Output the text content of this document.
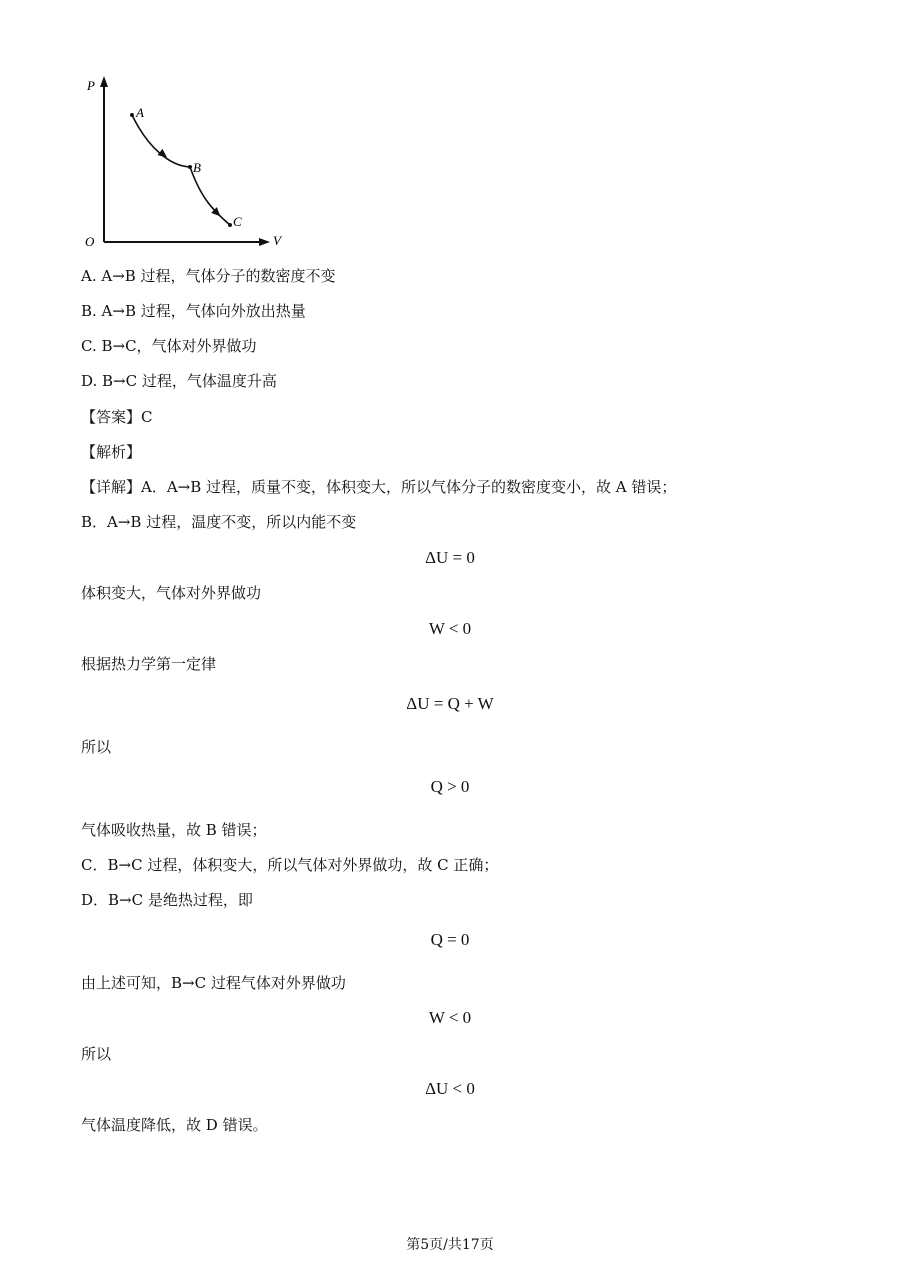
P
V
O
A
B
C
A. A→B 过程，气体分子的数密度不变
B. A→B 过程，气体向外放出热量
C. B→C，气体对外界做功
D. B→C 过程，气体温度升高
【答案】C
【解析】
【详解】A．A→B 过程，质量不变，体积变大，所以气体分子的数密度变小，故 A 错误；
B．A→B 过程，温度不变，所以内能不变
ΔU = 0
体积变大，气体对外界做功
W < 0
根据热力学第一定律
ΔU = Q + W
所以
Q > 0
气体吸收热量，故 B 错误；
C．B→C 过程，体积变大，所以气体对外界做功，故 C 正确；
D．B→C 是绝热过程，即
Q = 0
由上述可知，B→C 过程气体对外界做功
W < 0
所以
ΔU < 0
气体温度降低，故 D 错误。
第5页/共17页
